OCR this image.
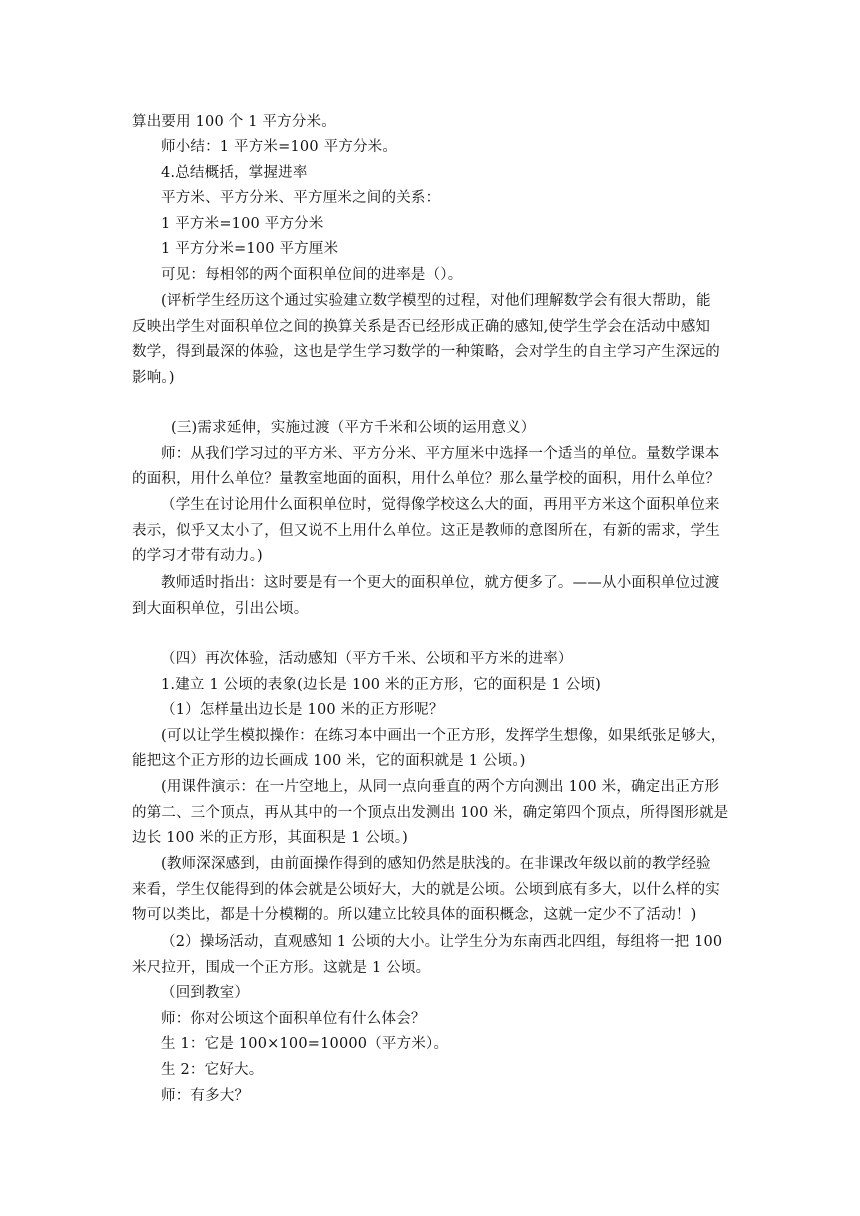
算出要用 100 个 1 平方分米。
师小结：1 平方米=100 平方分米。
4.总结概括，掌握进率
平方米、平方分米、平方厘米之间的关系：
1 平方米=100 平方分米
1 平方分米=100 平方厘米
可见：每相邻的两个面积单位间的进率是（）。
(评析学生经历这个通过实验建立数学模型的过程，对他们理解数学会有很大帮助，能
反映出学生对面积单位之间的换算关系是否已经形成正确的感知,使学生学会在活动中感知
数学，得到最深的体验，这也是学生学习数学的一种策略，会对学生的自主学习产生深远的
影响。)
(三)需求延伸，实施过渡（平方千米和公顷的运用意义）
师：从我们学习过的平方米、平方分米、平方厘米中选择一个适当的单位。量数学课本
的面积，用什么单位？量教室地面的面积，用什么单位？那么量学校的面积，用什么单位？
（学生在讨论用什么面积单位时，觉得像学校这么大的面，再用平方米这个面积单位来
表示，似乎又太小了，但又说不上用什么单位。这正是教师的意图所在，有新的需求，学生
的学习才带有动力。)
教师适时指出：这时要是有一个更大的面积单位，就方便多了。——从小面积单位过渡
到大面积单位，引出公顷。
（四）再次体验，活动感知（平方千米、公顷和平方米的进率）
1.建立 1 公顷的表象(边长是 100 米的正方形，它的面积是 1 公顷)
（1）怎样量出边长是 100 米的正方形呢？
(可以让学生模拟操作：在练习本中画出一个正方形，发挥学生想像，如果纸张足够大，
能把这个正方形的边长画成 100 米，它的面积就是 1 公顷。)
(用课件演示：在一片空地上，从同一点向垂直的两个方向测出 100 米，确定出正方形
的第二、三个顶点，再从其中的一个顶点出发测出 100 米，确定第四个顶点，所得图形就是
边长 100 米的正方形，其面积是 1 公顷。)
(教师深深感到，由前面操作得到的感知仍然是肤浅的。在非课改年级以前的教学经验
来看，学生仅能得到的体会就是公顷好大，大的就是公顷。公顷到底有多大，以什么样的实
物可以类比，都是十分模糊的。所以建立比较具体的面积概念，这就一定少不了活动！)
（2）操场活动，直观感知 1 公顷的大小。让学生分为东南西北四组，每组将一把 100
米尺拉开，围成一个正方形。这就是 1 公顷。
（回到教室）
师：你对公顷这个面积单位有什么体会？
生 1：它是 100×100=10000（平方米）。
生 2：它好大。
师：有多大？
